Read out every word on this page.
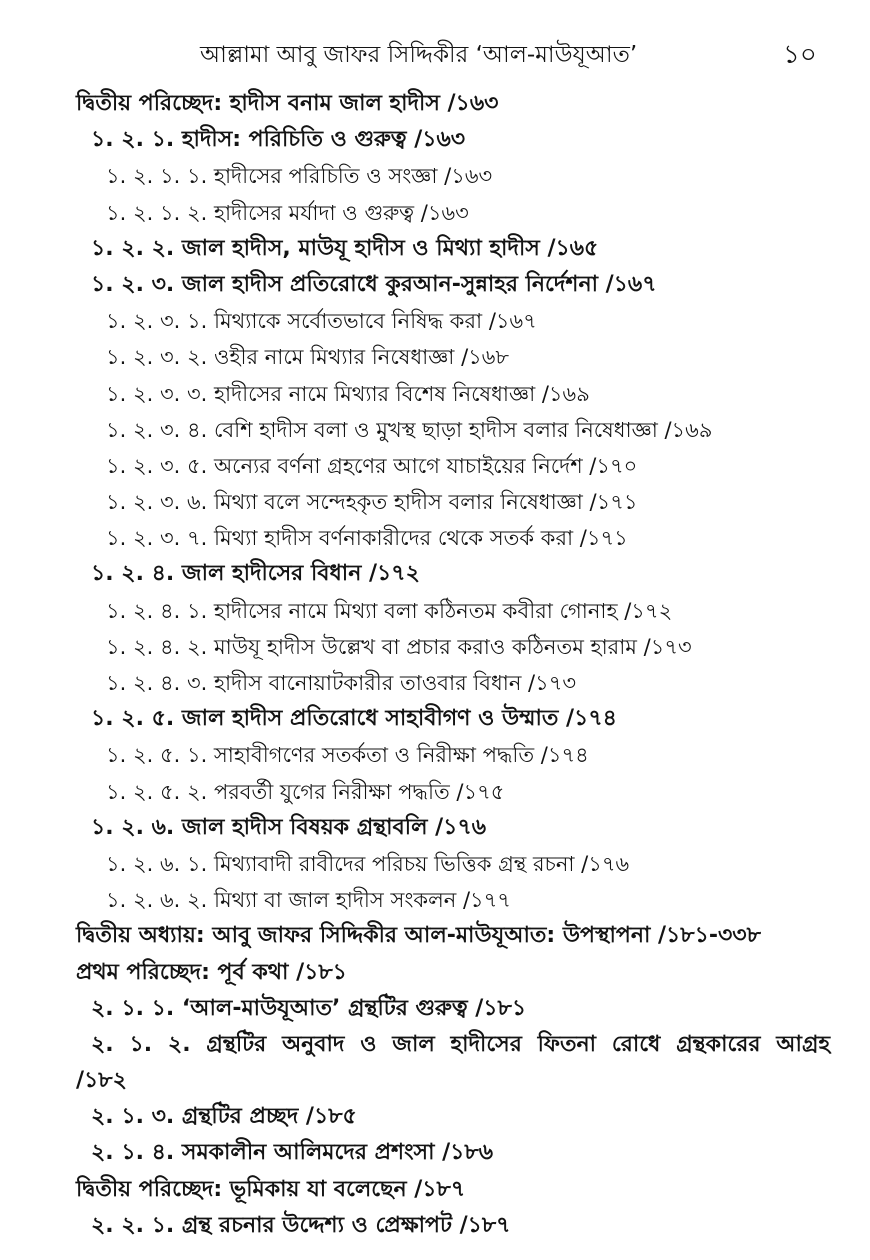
আল্লামা আবু জাফর সিদ্দিকীর ‘আল-মাউযূআত’	১০
দ্বিতীয় পরিচ্ছেদ: হাদীস বনাম জাল হাদীস /১৬৩
১. ২. ১. হাদীস: পরিচিতি ও গুরুত্ব /১৬৩
১. ২. ১. ১. হাদীসের পরিচিতি ও সংজ্ঞা /১৬৩
১. ২. ১. ২. হাদীসের মর্যাদা ও গুরুত্ব /১৬৩
১. ২. ২. জাল হাদীস, মাউযূ হাদীস ও মিথ্যা হাদীস /১৬৫
১. ২. ৩. জাল হাদীস প্রতিরোধে কুরআন-সুন্নাহর নির্দেশনা /১৬৭
১. ২. ৩. ১. মিথ্যাকে সর্বোতভাবে নিষিদ্ধ করা /১৬৭
১. ২. ৩. ২. ওহীর নামে মিথ্যার নিষেধাজ্ঞা /১৬৮
১. ২. ৩. ৩. হাদীসের নামে মিথ্যার বিশেষ নিষেধাজ্ঞা /১৬৯
১. ২. ৩. ৪. বেশি হাদীস বলা ও মুখস্থ ছাড়া হাদীস বলার নিষেধাজ্ঞা /১৬৯
১. ২. ৩. ৫. অন্যের বর্ণনা গ্রহণের আগে যাচাইয়ের নির্দেশ /১৭০
১. ২. ৩. ৬. মিথ্যা বলে সন্দেহকৃত হাদীস বলার নিষেধাজ্ঞা /১৭১
১. ২. ৩. ৭. মিথ্যা হাদীস বর্ণনাকারীদের থেকে সতর্ক করা /১৭১
১. ২. ৪. জাল হাদীসের বিধান /১৭২
১. ২. ৪. ১. হাদীসের নামে মিথ্যা বলা কঠিনতম কবীরা গোনাহ /১৭২
১. ২. ৪. ২. মাউযূ হাদীস উল্লেখ বা প্রচার করাও কঠিনতম হারাম /১৭৩
১. ২. ৪. ৩. হাদীস বানোয়াটকারীর তাওবার বিধান /১৭৩
১. ২. ৫. জাল হাদীস প্রতিরোধে সাহাবীগণ ও উম্মাত /১৭৪
১. ২. ৫. ১. সাহাবীগণের সতর্কতা ও নিরীক্ষা পদ্ধতি /১৭৪
১. ২. ৫. ২. পরবর্তী যুগের নিরীক্ষা পদ্ধতি /১৭৫
১. ২. ৬. জাল হাদীস বিষয়ক গ্রন্থাবলি /১৭৬
১. ২. ৬. ১. মিথ্যাবাদী রাবীদের পরিচয় ভিত্তিক গ্রন্থ রচনা /১৭৬
১. ২. ৬. ২. মিথ্যা বা জাল হাদীস সংকলন /১৭৭
দ্বিতীয় অধ্যায়: আবু জাফর সিদ্দিকীর আল-মাউযূআত: উপস্থাপনা /১৮১-৩৩৮
প্রথম পরিচ্ছেদ: পূর্ব কথা /১৮১
২. ১. ১. ‘আল-মাউযূআত’ গ্রন্থটির গুরুত্ব /১৮১
২. ১. ২. গ্রন্থটির অনুবাদ ও জাল হাদীসের ফিতনা রোধে গ্রন্থকারের আগ্রহ
/১৮২
২. ১. ৩. গ্রন্থটির প্রচ্ছদ /১৮৫
২. ১. ৪. সমকালীন আলিমদের প্রশংসা /১৮৬
দ্বিতীয় পরিচ্ছেদ: ভূমিকায় যা বলেছেন /১৮৭
২. ২. ১. গ্রন্থ রচনার উদ্দেশ্য ও প্রেক্ষাপট /১৮৭
